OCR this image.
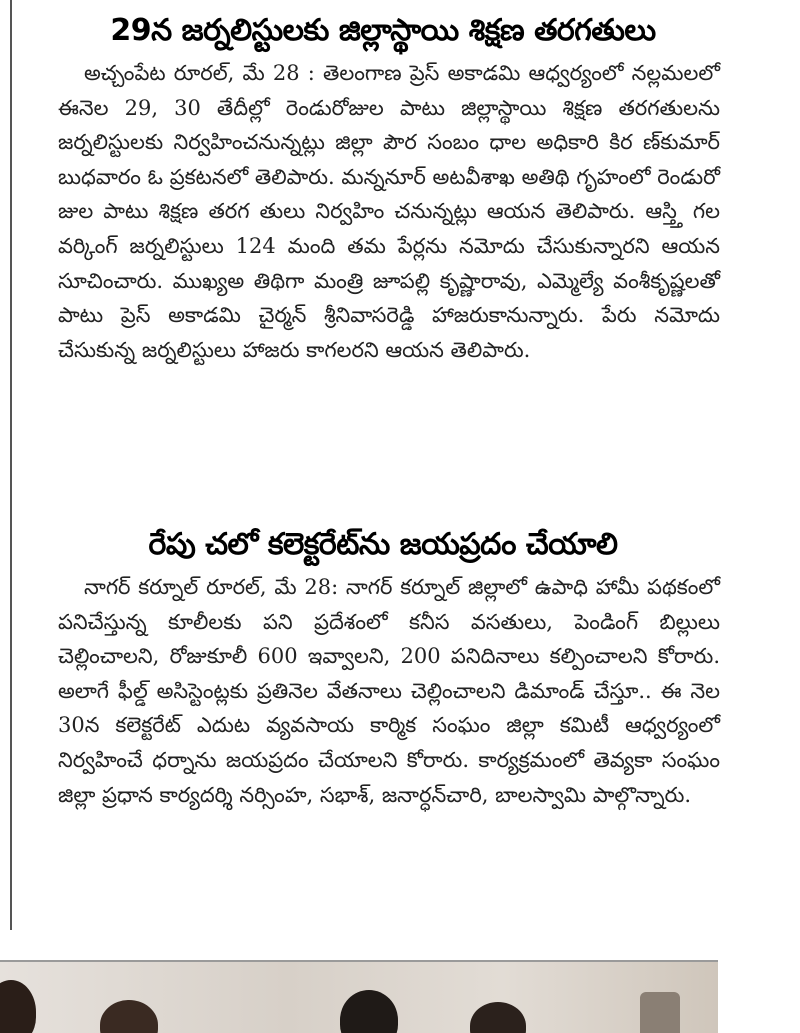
29న జర్నలిస్టులకు జిల్లాస్థాయి శిక్షణ తరగతులు

అచ్చంపేట రూరల్, మే 28 : తెలంగాణ ప్రెస్ అకాడమి ఆధ్వర్యంలో నల్లమలలో ఈనెల 29, 30 తేదీల్లో రెండురోజుల పాటు జిల్లాస్థాయి శిక్షణ తరగతులను జర్నలిస్టులకు నిర్వహించనున్నట్లు జిల్లా పౌర సంబం ధాల అధికారి కిర ణ్‌కుమార్ బుధవారం ఓ ప్రకటనలో తెలిపారు. మన్ననూర్ అటవీశాఖ అతిథి గృహంలో రెండురో జుల పాటు శిక్షణ తరగ తులు నిర్వహిం చనున్నట్లు ఆయన తెలిపారు. ఆస్త్తి గల వర్కింగ్ జర్నలిస్టులు 124 మంది తమ పేర్లను నమోదు చేసుకున్నారని ఆయన సూచించారు. ముఖ్యఅ తిథిగా మంత్రి జూపల్లి కృష్ణారావు, ఎమ్మెల్యే వంశీకృష్ణలతో పాటు ప్రెస్ అకాడమి చైర్మన్ శ్రీనివాసరెడ్డి హాజరుకానున్నారు. పేరు నమోదు చేసుకున్న జర్నలిస్టులు హాజరు కాగలరని ఆయన తెలిపారు.

రేపు చలో కలెక్టరేట్‌ను జయప్రదం చేయాలి

నాగర్ కర్నూల్ రూరల్, మే 28: నాగర్ కర్నూల్ జిల్లాలో ఉపాధి హామీ పథకంలో పనిచేస్తున్న కూలీలకు పని ప్రదేశంలో కనీస వసతులు, పెండింగ్ బిల్లులు చెల్లించాలని, రోజుకూలీ 600 ఇవ్వాలని, 200 పనిదినాలు కల్పించాలని కోరారు. అలాగే ఫీల్డ్ అసిస్టెంట్లకు ప్రతినెల వేతనాలు చెల్లించాలని డిమాండ్ చేస్తూ.. ఈ నెల 30న కలెక్టరేట్ ఎదుట వ్యవసాయ కార్మిక సంఘం జిల్లా కమిటీ ఆధ్వర్యంలో నిర్వహించే ధర్నాను జయప్రదం చేయాలని కోరారు. కార్యక్రమంలో తెవ్యకా సంఘం జిల్లా ప్రధాన కార్యదర్శి నర్సింహ, సభాశ్, జనార్ధన్‌చారి, బాలస్వామి పాల్గొన్నారు.
